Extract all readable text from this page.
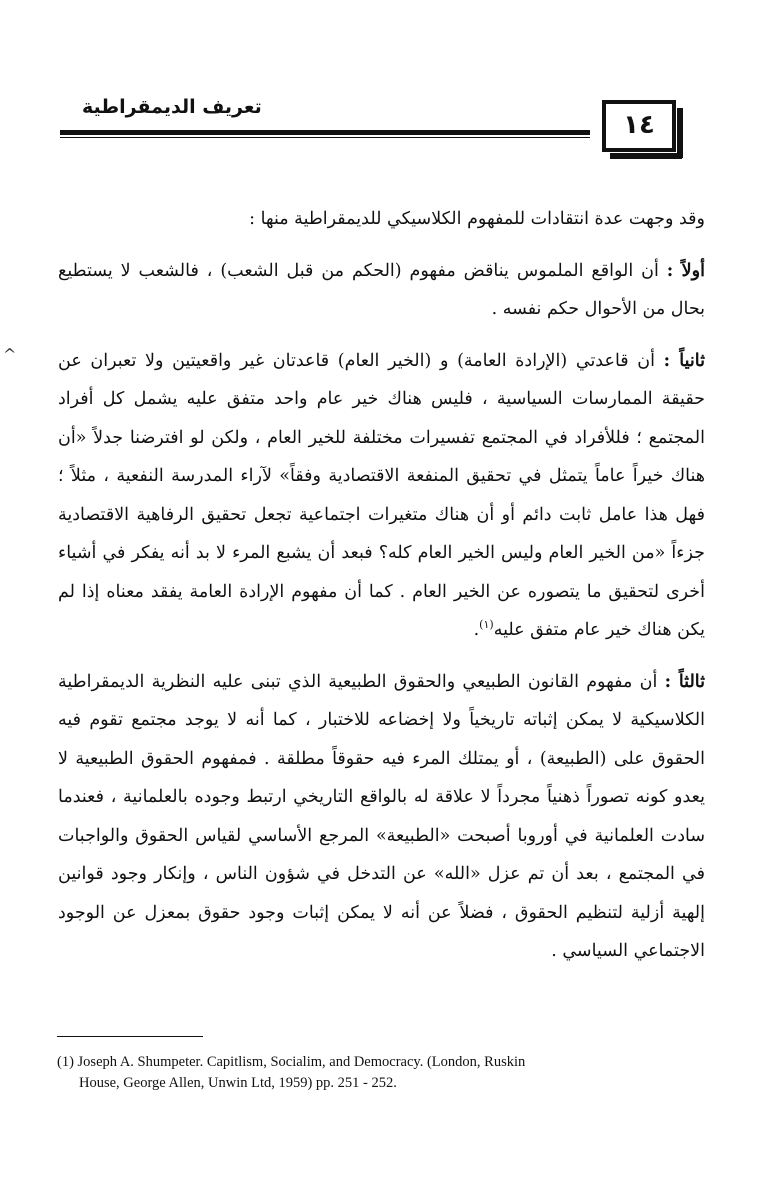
تعريف الديمقراطية
١٤
^

وقد وجهت عدة انتقادات للمفهوم الكلاسيكي للديمقراطية منها :

أولاً : أن الواقع الملموس يناقض مفهوم (الحكم من قبل الشعب) ، فالشعب لا يستطيع بحال من الأحوال حكم نفسه .

ثانياً : أن قاعدتي (الإرادة العامة) و (الخير العام) قاعدتان غير واقعيتين ولا تعبران عن حقيقة الممارسات السياسية ، فليس هناك خير عام واحد متفق عليه يشمل كل أفراد المجتمع ؛ فللأفراد في المجتمع تفسيرات مختلفة للخير العام ، ولكن لو افترضنا جدلاً «أن هناك خيراً عاماً يتمثل في تحقيق المنفعة الاقتصادية وفقاً» لآراء المدرسة النفعية ، مثلاً ؛ فهل هذا عامل ثابت دائم أو أن هناك متغيرات اجتماعية تجعل تحقيق الرفاهية الاقتصادية جزءاً «من الخير العام وليس الخير العام كله؟ فبعد أن يشبع المرء لا بد أنه يفكر في أشياء أخرى لتحقيق ما يتصوره عن الخير العام . كما أن مفهوم الإرادة العامة يفقد معناه إذا لم يكن هناك خير عام متفق عليه$^{(١)}$.

ثالثاً : أن مفهوم القانون الطبيعي والحقوق الطبيعية الذي تبنى عليه النظرية الديمقراطية الكلاسيكية لا يمكن إثباته تاريخياً ولا إخضاعه للاختبار ، كما أنه لا يوجد مجتمع تقوم فيه الحقوق على (الطبيعة) ، أو يمتلك المرء فيه حقوقاً مطلقة . فمفهوم الحقوق الطبيعية لا يعدو كونه تصوراً ذهنياً مجرداً لا علاقة له بالواقع التاريخي ارتبط وجوده بالعلمانية ، فعندما سادت العلمانية في أوروبا أصبحت «الطبيعة» المرجع الأساسي لقياس الحقوق والواجبات في المجتمع ، بعد أن تم عزل «الله» عن التدخل في شؤون الناس ، وإنكار وجود قوانين إلهية أزلية لتنظيم الحقوق ، فضلاً عن أنه لا يمكن إثبات وجود حقوق بمعزل عن الوجود الاجتماعي السياسي .

(1) Joseph A. Shumpeter. Capitlism, Socialim, and Democracy. (London, Ruskin
House, George Allen, Unwin Ltd, 1959) pp. 251 - 252.
